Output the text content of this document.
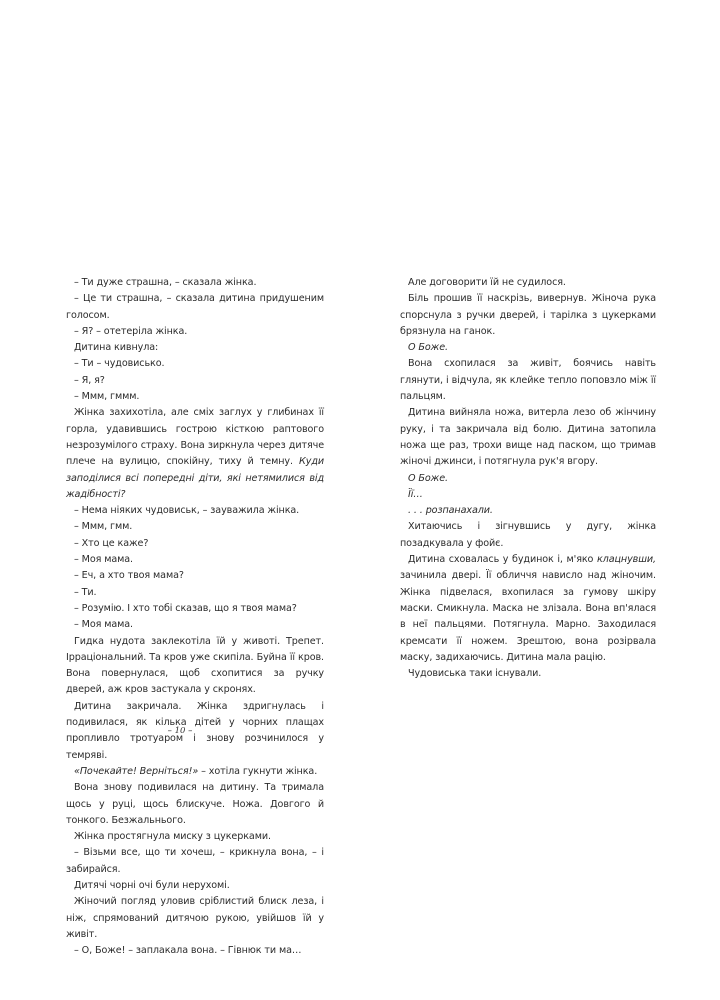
– Ти дуже страшна, – сказала жінка.

– Це ти страшна, – сказала дитина придушеним голосом.

– Я? – отетеріла жінка.

Дитина кивнула:

– Ти – чудовисько.

– Я, я?

– Ммм, гммм.

Жінка захихотіла, але сміх заглух у глибинах її горла, удавившись гострою кісткою раптового незрозумілого страху. Вона зиркнула через дитяче плече на вулицю, спокійну, тиху й темну. Куди заподілися всі попередні діти, які нетямилися від жадібності?

– Нема ніяких чудовиськ, – зауважила жінка.

– Ммм, гмм.

– Хто це каже?

– Моя мама.

– Еч, а хто твоя мама?

– Ти.

– Розумію. І хто тобі сказав, що я твоя мама?

– Моя мама.

Гидка нудота заклекотіла їй у животі. Трепет. Ірраціональний. Та кров уже скипіла. Буйна її кров. Вона повернулася, щоб схопитися за ручку дверей, аж кров застукала у скронях.

Дитина закричала. Жінка здригнулась і подивилася, як кілька дітей у чорних плащах пропливло тротуаром і знову розчинилося у темряві.

«Почекайте! Верніться!» – хотіла гукнути жінка.

Вона знову подивилася на дитину. Та тримала щось у руці, щось блискуче. Ножа. Довгого й тонкого. Безжальнього.

Жінка простягнула миску з цукерками.

– Візьми все, що ти хочеш, – крикнула вона, – і забирайся.

Дитячі чорні очі були нерухомі.

Жіночий погляд уловив сріблистий блиск леза, і ніж, спрямований дитячою рукою, увійшов їй у живіт.

– О, Боже! – заплакала вона. – Гівнюк ти ма…

– 10 –

Але договорити їй не судилося.

Біль прошив її наскрізь, вивернув. Жіноча рука спорснула з ручки дверей, і тарілка з цукерками брязнула на ганок.

О Боже.

Вона схопилася за живіт, боячись навіть глянути, і відчула, як клейке тепло поповзло між її пальцям.

Дитина вийняла ножа, витерла лезо об жінчину руку, і та закричала від болю. Дитина затопила ножа ще раз, трохи вище над паском, що тримав жіночі джинси, і потягнула рук'я вгору.

О Боже.

Її…

. . . розпанахали.

Хитаючись і зігнувшись у дугу, жінка позадкувала у фойє.

Дитина сховалась у будинок і, м'яко клацнувши, зачинила двері. Її обличчя нависло над жіночим. Жінка підвелася, вхопилася за гумову шкіру маски. Смикнула. Маска не злізала. Вона вп'ялася в неї пальцями. Потягнула. Марно. Заходилася кремсати її ножем. Зрештою, вона розірвала маску, задихаючись. Дитина мала рацію.

Чудовиська таки існували.
